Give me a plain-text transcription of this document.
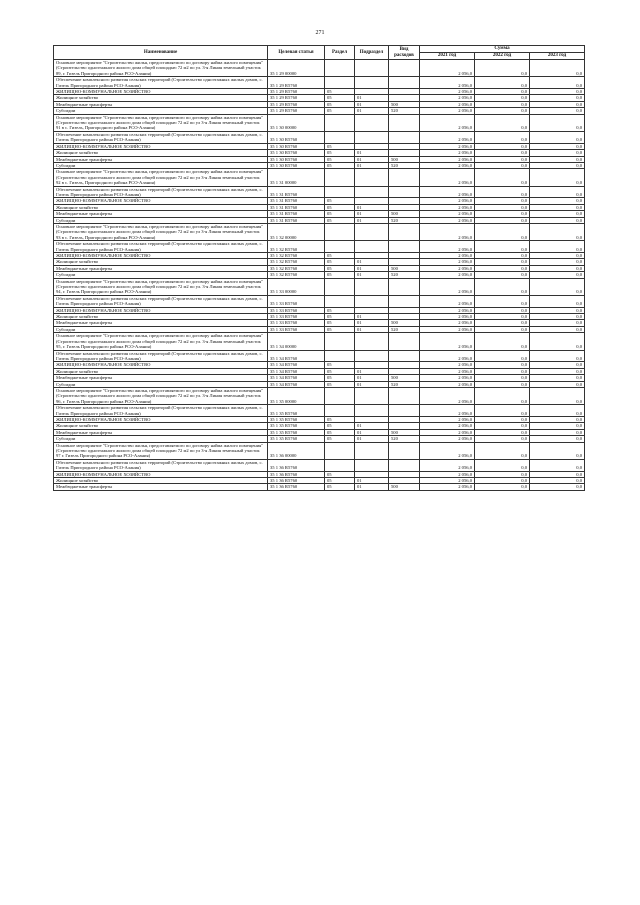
271
Наименование	Целевая статья	Раздел	Подраздел	Вид расходов	Сумма		
					2021 год	2022 год	2023 год
Основное мероприятие "Строительство жилья, предоставляемого по договору найма жилого помещения" (Строительство одноэтажного жилого дома общей площадью 72 м2 по ул. 3-я Линия земельный участок 89, г. Гизель Пригородного района РСО-Алания)	35 1 29 00000				2 056,0	0,0	0,0
Обеспечение комплексного развития сельских территорий (Строительство одноэтажных жилых домов, с. Гизель Пригородного района РСО-Алания)	35 1 29 R5760				2 056,0	0,0	0,0
ЖИЛИЩНО-КОММУНАЛЬНОЕ ХОЗЯЙСТВО	35 1 29 R5760	05			2 056,0	0,0	0,0
Жилищное хозяйство	35 1 29 R5760	05	01		2 056,0	0,0	0,0
Межбюджетные трансферты	35 1 29 R5760	05	01	500	2 056,0	0,0	0,0
Субсидии	35 1 29 R5760	05	01	520	2 056,0	0,0	0,0
Основное мероприятие "Строительство жилья, предоставляемого по договору найма жилого помещения" (Строительство одноэтажного жилого дома общей площадью 72 м2 по ул 3-я Линия земельный участок 91 в с. Гизель, Пригородного района РСО-Алания)	35 1 30 00000				2 056,0	0,0	0,0
Обеспечение комплексного развития сельских территорий (Строительство одноэтажных жилых домов, с. Гизель Пригородного района РСО-Алания)	35 1 30 R5760				2 056,0	0,0	0,0
ЖИЛИЩНО-КОММУНАЛЬНОЕ ХОЗЯЙСТВО	35 1 30 R5760	05			2 056,0	0,0	0,0
Жилищное хозяйство	35 1 30 R5760	05	01		2 056,0	0,0	0,0
Межбюджетные трансферты	35 1 30 R5760	05	01	500	2 056,0	0,0	0,0
Субсидии	35 1 30 R5760	05	01	520	2 056,0	0,0	0,0
Основное мероприятие "Строительство жилья, предоставляемого по договору найма жилого помещения" (Строительство одноэтажного жилого дома общей площадью 72 м2 по ул 3-я Линия земельный участок 92 в с. Гизель, Пригородного района РСО-Алания)	35 1 31 00000				2 056,0	0,0	0,0
Обеспечение комплексного развития сельских территорий (Строительство одноэтажных жилых домов, с. Гизель Пригородного района РСО-Алания)	35 1 31 R5760				2 056,0	0,0	0,0
ЖИЛИЩНО-КОММУНАЛЬНОЕ ХОЗЯЙСТВО	35 1 31 R5760	05			2 056,0	0,0	0,0
Жилищное хозяйство	35 1 31 R5760	05	01		2 056,0	0,0	0,0
Межбюджетные трансферты	35 1 31 R5760	05	01	500	2 056,0	0,0	0,0
Субсидии	35 1 31 R5760	05	01	520	2 056,0	0,0	0,0
Основное мероприятие "Строительство жилья, предоставляемого по договору найма жилого помещения" (Строительство одноэтажного жилого дома общей площадью 72 м2 по ул 3-я Линия земельный участок 93 в с. Гизель, Пригородного района РСО-Алания)	35 1 32 00000				2 056,0	0,0	0,0
Обеспечение комплексного развития сельских территорий (Строительство одноэтажных жилых домов, с. Гизель Пригородного района РСО-Алания)	35 1 32 R5760				2 056,0	0,0	0,0
ЖИЛИЩНО-КОММУНАЛЬНОЕ ХОЗЯЙСТВО	35 1 32 R5760	05			2 056,0	0,0	0,0
Жилищное хозяйство	35 1 32 R5760	05	01		2 056,0	0,0	0,0
Межбюджетные трансферты	35 1 32 R5760	05	01	500	2 056,0	0,0	0,0
Субсидии	35 1 32 R5760	05	01	520	2 056,0	0,0	0,0
Основное мероприятие "Строительство жилья, предоставляемого по договору найма жилого помещения" (Строительство одноэтажного жилого дома общей площадью 72 м2 по ул. 3-я Линия земельный участок 94, г. Гизель Пригородного района РСО-Алания)	35 1 33 00000				2 056,0	0,0	0,0
Обеспечение комплексного развития сельских территорий (Строительство одноэтажных жилых домов, с. Гизель Пригородного района РСО-Алания)	35 1 33 R5760				2 056,0	0,0	0,0
ЖИЛИЩНО-КОММУНАЛЬНОЕ ХОЗЯЙСТВО	35 1 33 R5760	05			2 056,0	0,0	0,0
Жилищное хозяйство	35 1 33 R5760	05	01		2 056,0	0,0	0,0
Межбюджетные трансферты	35 1 33 R5760	05	01	500	2 056,0	0,0	0,0
Субсидии	35 1 33 R5760	05	01	520	2 056,0	0,0	0,0
Основное мероприятие "Строительство жилья, предоставляемого по договору найма жилого помещения" (Строительство одноэтажного жилого дома общей площадью 72 м2 по ул. 3-я Линия земельный участок 95, г. Гизель Пригородного района РСО-Алания)	35 1 34 00000				2 056,0	0,0	0,0
Обеспечение комплексного развития сельских территорий (Строительство одноэтажных жилых домов, с. Гизель Пригородного района РСО-Алания)	35 1 34 R5760				2 056,0	0,0	0,0
ЖИЛИЩНО-КОММУНАЛЬНОЕ ХОЗЯЙСТВО	35 1 34 R5760	05			2 056,0	0,0	0,0
Жилищное хозяйство	35 1 34 R5760	05	01		2 056,0	0,0	0,0
Межбюджетные трансферты	35 1 34 R5760	05	01	500	2 056,0	0,0	0,0
Субсидии	35 1 34 R5760	05	01	520	2 056,0	0,0	0,0
Основное мероприятие "Строительство жилья, предоставляемого по договору найма жилого помещения" (Строительство одноэтажного жилого дома общей площадью 72 м2 по ул. 3-я Линия земельный участок 96, г. Гизель Пригородного района РСО-Алания)	35 1 35 00000				2 056,0	0,0	0,0
Обеспечение комплексного развития сельских территорий (Строительство одноэтажных жилых домов, с. Гизель Пригородного района РСО-Алания)	35 1 35 R5760				2 056,0	0,0	0,0
ЖИЛИЩНО-КОММУНАЛЬНОЕ ХОЗЯЙСТВО	35 1 35 R5760	05			2 056,0	0,0	0,0
Жилищное хозяйство	35 1 35 R5760	05	01		2 056,0	0,0	0,0
Межбюджетные трансферты	35 1 35 R5760	05	01	500	2 056,0	0,0	0,0
Субсидии	35 1 35 R5760	05	01	520	2 056,0	0,0	0,0
Основное мероприятие "Строительство жилья, предоставляемого по договору найма жилого помещения" (Строительство одноэтажного жилого дома общей площадью 72 м2 по ул 3-я Линия земельный участок 97 г. Гизель Пригородного района РСО-Алания)	35 1 36 00000				2 056,0	0,0	0,0
Обеспечение комплексного развития сельских территорий (Строительство одноэтажных жилых домов, с. Гизель Пригородного района РСО-Алания)	35 1 36 R5760				2 056,0	0,0	0,0
ЖИЛИЩНО-КОММУНАЛЬНОЕ ХОЗЯЙСТВО	35 1 36 R5760	05			2 056,0	0,0	0,0
Жилищное хозяйство	35 1 36 R5760	05	01		2 056,0	0,0	0,0
Межбюджетные трансферты	35 1 36 R5760	05	01	500	2 056,0	0,0	0,0
